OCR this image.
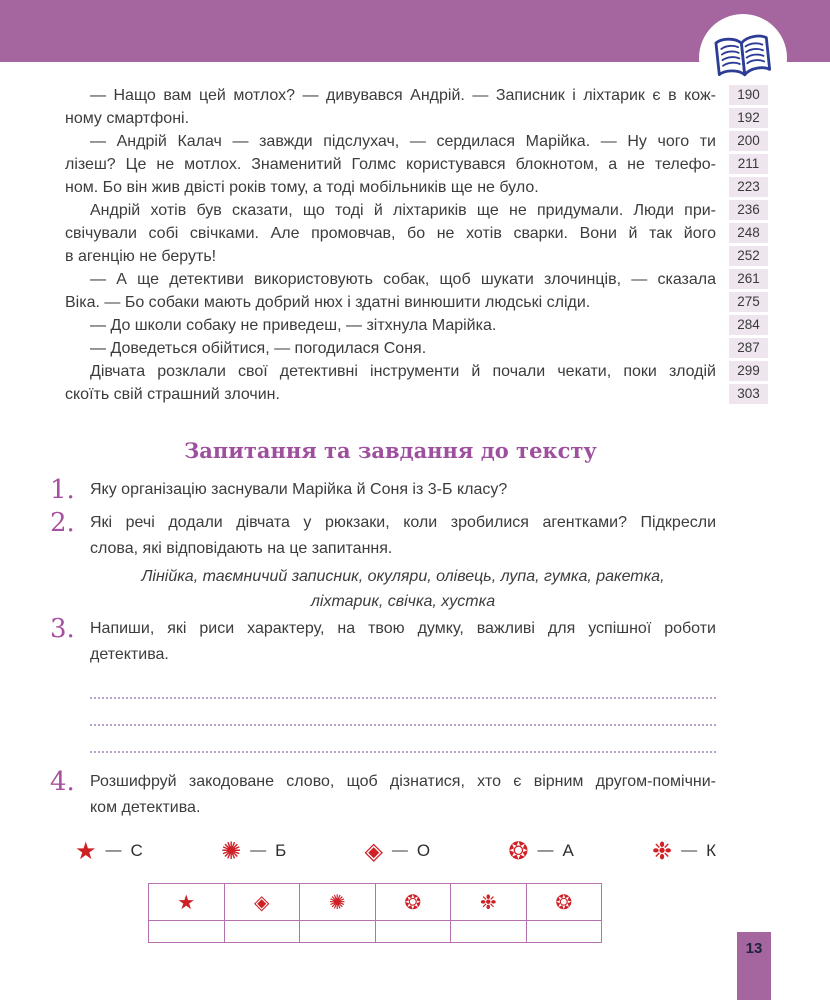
— Нащо вам цей мотлох? — дивувався Андрій. — Записник і ліхтарик є в кож-	190
ному смартфоні.	192
— Андрій Калач — завжди підслухач, — сердилася Марійка. — Ну чого ти	200
лізеш? Це не мотлох. Знаменитий Голмс користувався блокнотом, а не телефо-	211
ном. Бо він жив двісті років тому, а тоді мобільників ще не було.	223
Андрій хотів був сказати, що тоді й ліхтариків ще не придумали. Люди при-	236
свічували собі свічками. Але промовчав, бо не хотів сварки. Вони й так його	248
в агенцію не беруть!	252
— А ще детективи використовують собак, щоб шукати злочинців, — сказала	261
Віка. — Бо собаки мають добрий нюх і здатні винюшити людські сліди.	275
— До школи собаку не приведеш, — зітхнула Марійка.	284
— Доведеться обійтися, — погодилася Соня.	287
Дівчата розклали свої детективні інструменти й почали чекати, поки злодій	299
скоїть свій страшний злочин.	303
Запитання та завдання до тексту
1. Яку організацію заснували Марійка й Соня із 3-Б класу?
2. Які речі додали дівчата у рюкзаки, коли зробилися агентками? Підкресли
слова, які відповідають на це запитання.
Лінійка, таємничий записник, окуляри, олівець, лупа, гумка, ракетка,
ліхтарик, свічка, хустка
3. Напиши, які риси характеру, на твою думку, важливі для успішної роботи
детектива.
4. Розшифруй закодоване слово, щоб дізнатися, хто є вірним другом-помічни-
ком детектива.
★ — С	✺ — Б	◈ — О	❂ — А	❉ — К
★	◈	✺	❂	❉	❂
13
